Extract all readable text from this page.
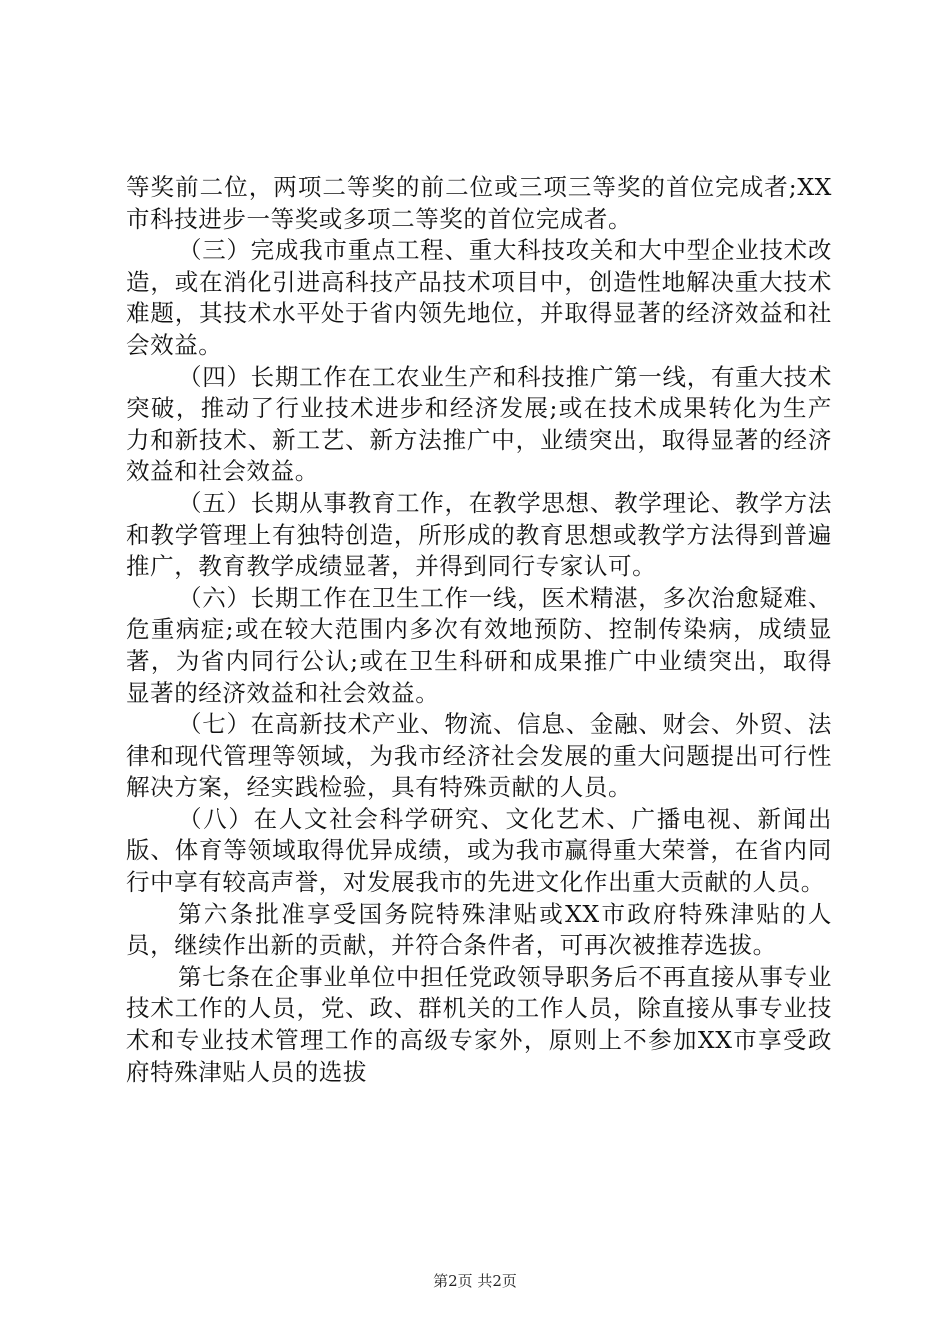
等奖前二位，两项二等奖的前二位或三项三等奖的首位完成者;XX市科技进步一等奖或多项二等奖的首位完成者。

（三）完成我市重点工程、重大科技攻关和大中型企业技术改造，或在消化引进高科技产品技术项目中，创造性地解决重大技术难题，其技术水平处于省内领先地位，并取得显著的经济效益和社会效益。

（四）长期工作在工农业生产和科技推广第一线，有重大技术突破，推动了行业技术进步和经济发展;或在技术成果转化为生产力和新技术、新工艺、新方法推广中，业绩突出，取得显著的经济效益和社会效益。

（五）长期从事教育工作，在教学思想、教学理论、教学方法和教学管理上有独特创造，所形成的教育思想或教学方法得到普遍推广，教育教学成绩显著，并得到同行专家认可。

（六）长期工作在卫生工作一线，医术精湛，多次治愈疑难、危重病症;或在较大范围内多次有效地预防、控制传染病，成绩显著，为省内同行公认;或在卫生科研和成果推广中业绩突出，取得显著的经济效益和社会效益。

（七）在高新技术产业、物流、信息、金融、财会、外贸、法律和现代管理等领域，为我市经济社会发展的重大问题提出可行性解决方案，经实践检验，具有特殊贡献的人员。

（八）在人文社会科学研究、文化艺术、广播电视、新闻出版、体育等领域取得优异成绩，或为我市赢得重大荣誉，在省内同行中享有较高声誉，对发展我市的先进文化作出重大贡献的人员。

第六条批准享受国务院特殊津贴或XX市政府特殊津贴的人员，继续作出新的贡献，并符合条件者，可再次被推荐选拔。

第七条在企事业单位中担任党政领导职务后不再直接从事专业技术工作的人员，党、政、群机关的工作人员，除直接从事专业技术和专业技术管理工作的高级专家外，原则上不参加XX市享受政府特殊津贴人员的选拔

第2页 共2页
